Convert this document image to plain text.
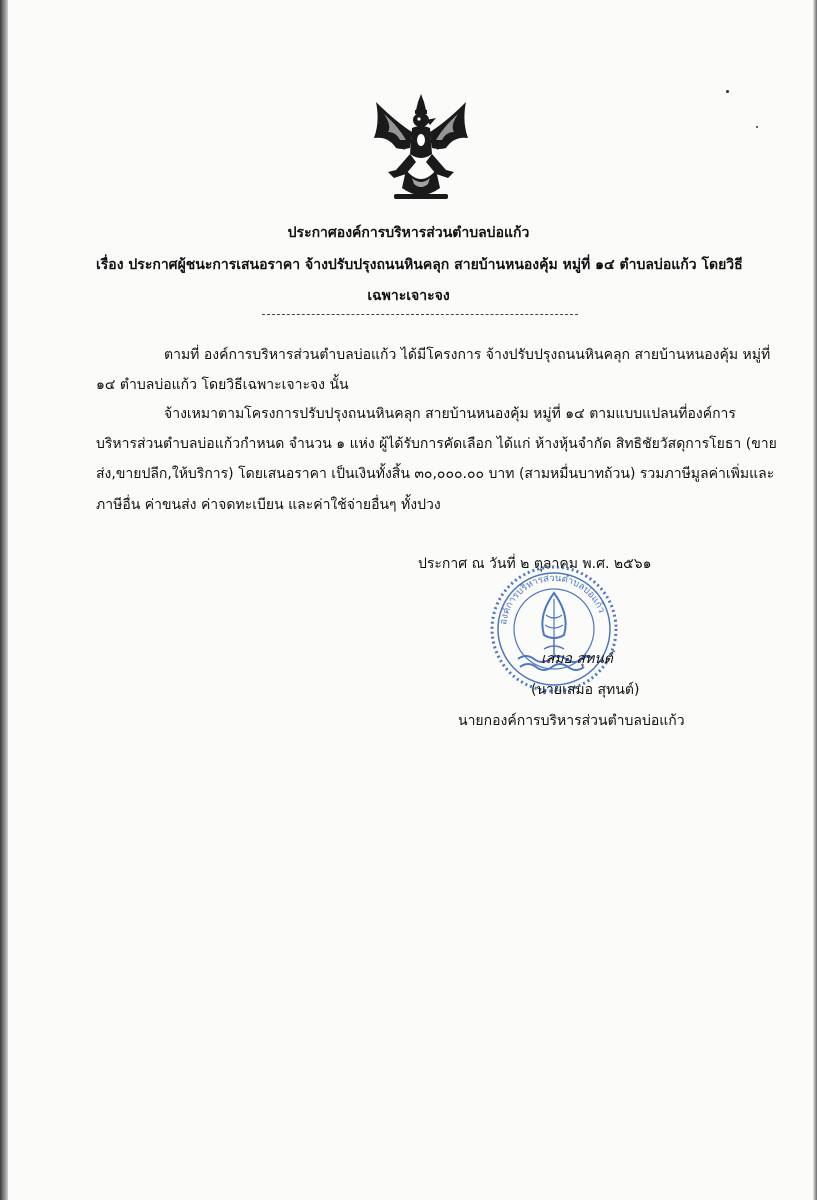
ประกาศองค์การบริหารส่วนตำบลบ่อแก้ว
เรื่อง ประกาศผู้ชนะการเสนอราคา จ้างปรับปรุงถนนหินคลุก สายบ้านหนองคุ้ม หมู่ที่ ๑๔ ตำบลบ่อแก้ว โดยวิธี
เฉพาะเจาะจง
ตามที่ องค์การบริหารส่วนตำบลบ่อแก้ว ได้มีโครงการ จ้างปรับปรุงถนนหินคลุก สายบ้านหนองคุ้ม หมู่ที่
๑๔ ตำบลบ่อแก้ว โดยวิธีเฉพาะเจาะจง นั้น
จ้างเหมาตามโครงการปรับปรุงถนนหินคลุก สายบ้านหนองคุ้ม หมู่ที่ ๑๔ ตามแบบแปลนที่องค์การ
บริหารส่วนตำบลบ่อแก้วกำหนด จำนวน ๑ แห่ง ผู้ได้รับการคัดเลือก ได้แก่ ห้างหุ้นจำกัด สิทธิชัยวัสดุการโยธา (ขาย
ส่ง,ขายปลีก,ให้บริการ) โดยเสนอราคา เป็นเงินทั้งสิ้น ๓๐,๐๐๐.๐๐ บาท (สามหมื่นบาทถ้วน) รวมภาษีมูลค่าเพิ่มและ
ภาษีอื่น ค่าขนส่ง ค่าจดทะเบียน และค่าใช้จ่ายอื่นๆ ทั้งปวง
ประกาศ ณ วันที่ ๒ ตุลาคม พ.ศ. ๒๕๖๑
องค์การบริหารส่วนตำบลบ่อแก้ว
เสมอ สุทนต์
(นายเสมอ สุทนต์)
นายกองค์การบริหารส่วนตำบลบ่อแก้ว
